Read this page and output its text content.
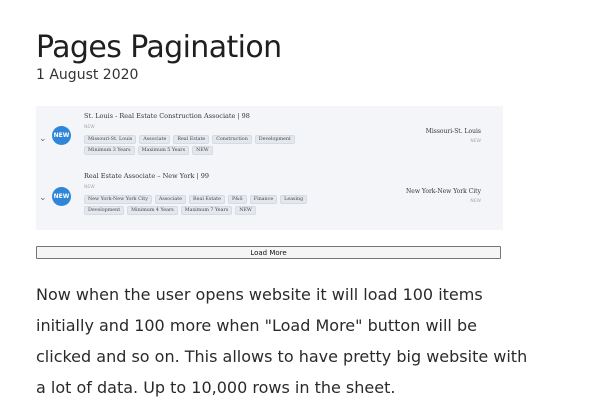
Pages Pagination
1 August 2020
⌄ NEW
St. Louis - Real Estate Construction Associate | 98
NEW
Missouri-St. Louis	Associate	Real Estate	Construction	Development
Minimum 3 Years	Maximum 5 Years	NEW
Missouri-St. Louis
NEW
⌄ NEW
Real Estate Associate – New York | 99
NEW
New York-New York City	Associate	Real Estate	P&S	Finance	Leasing
Development	Minimum 4 Years	Maximum 7 Years	NEW
New York-New York City
NEW
Load More

Now when the user opens website it will load 100 items initially and 100 more when "Load More" button will be clicked and so on. This allows to have pretty big website with a lot of data. Up to 10,000 rows in the sheet.
